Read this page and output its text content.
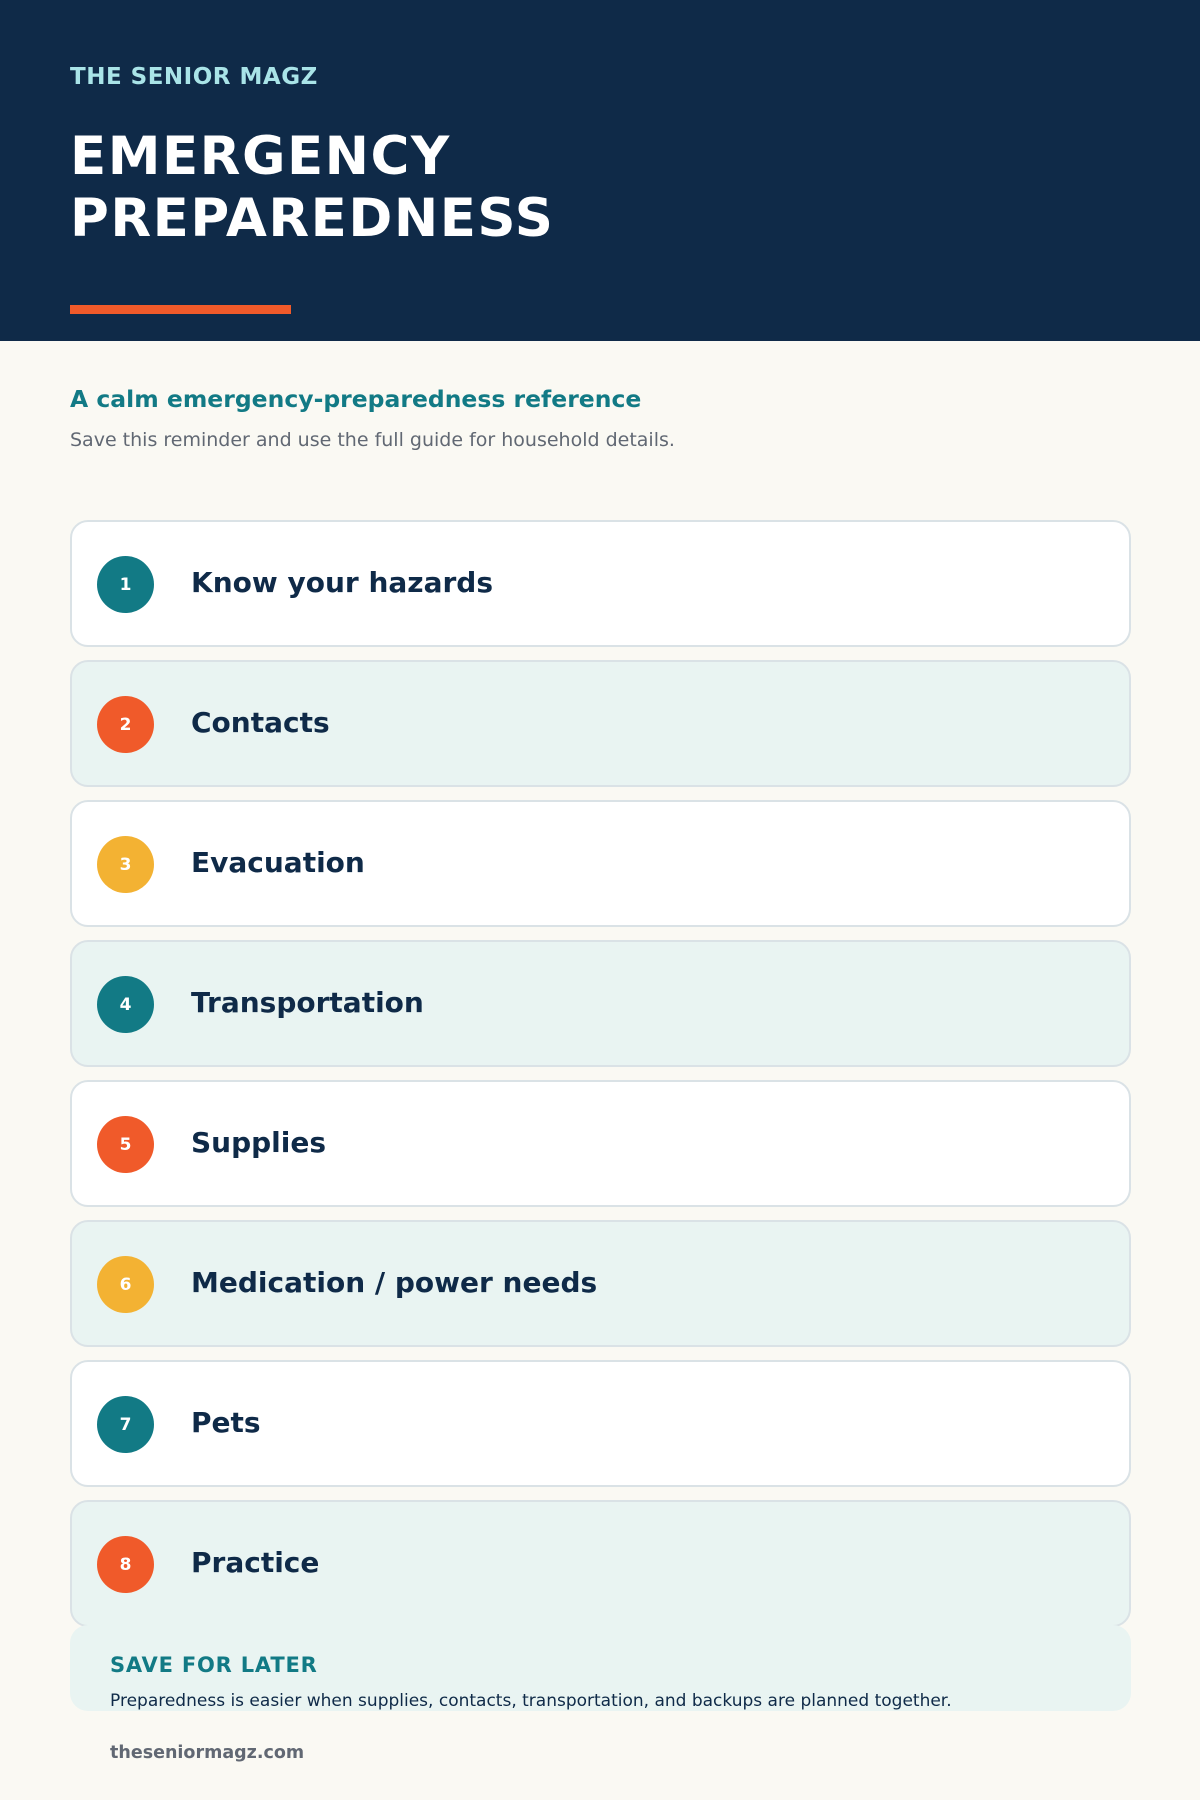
THE SENIOR MAGZ
EMERGENCY
PREPAREDNESS
A calm emergency-preparedness reference
Save this reminder and use the full guide for household details.
1	Know your hazards
2	Contacts
3	Evacuation
4	Transportation
5	Supplies
6	Medication / power needs
7	Pets
8	Practice
SAVE FOR LATER
Preparedness is easier when supplies, contacts, transportation, and backups are planned together.
theseniormagz.com
